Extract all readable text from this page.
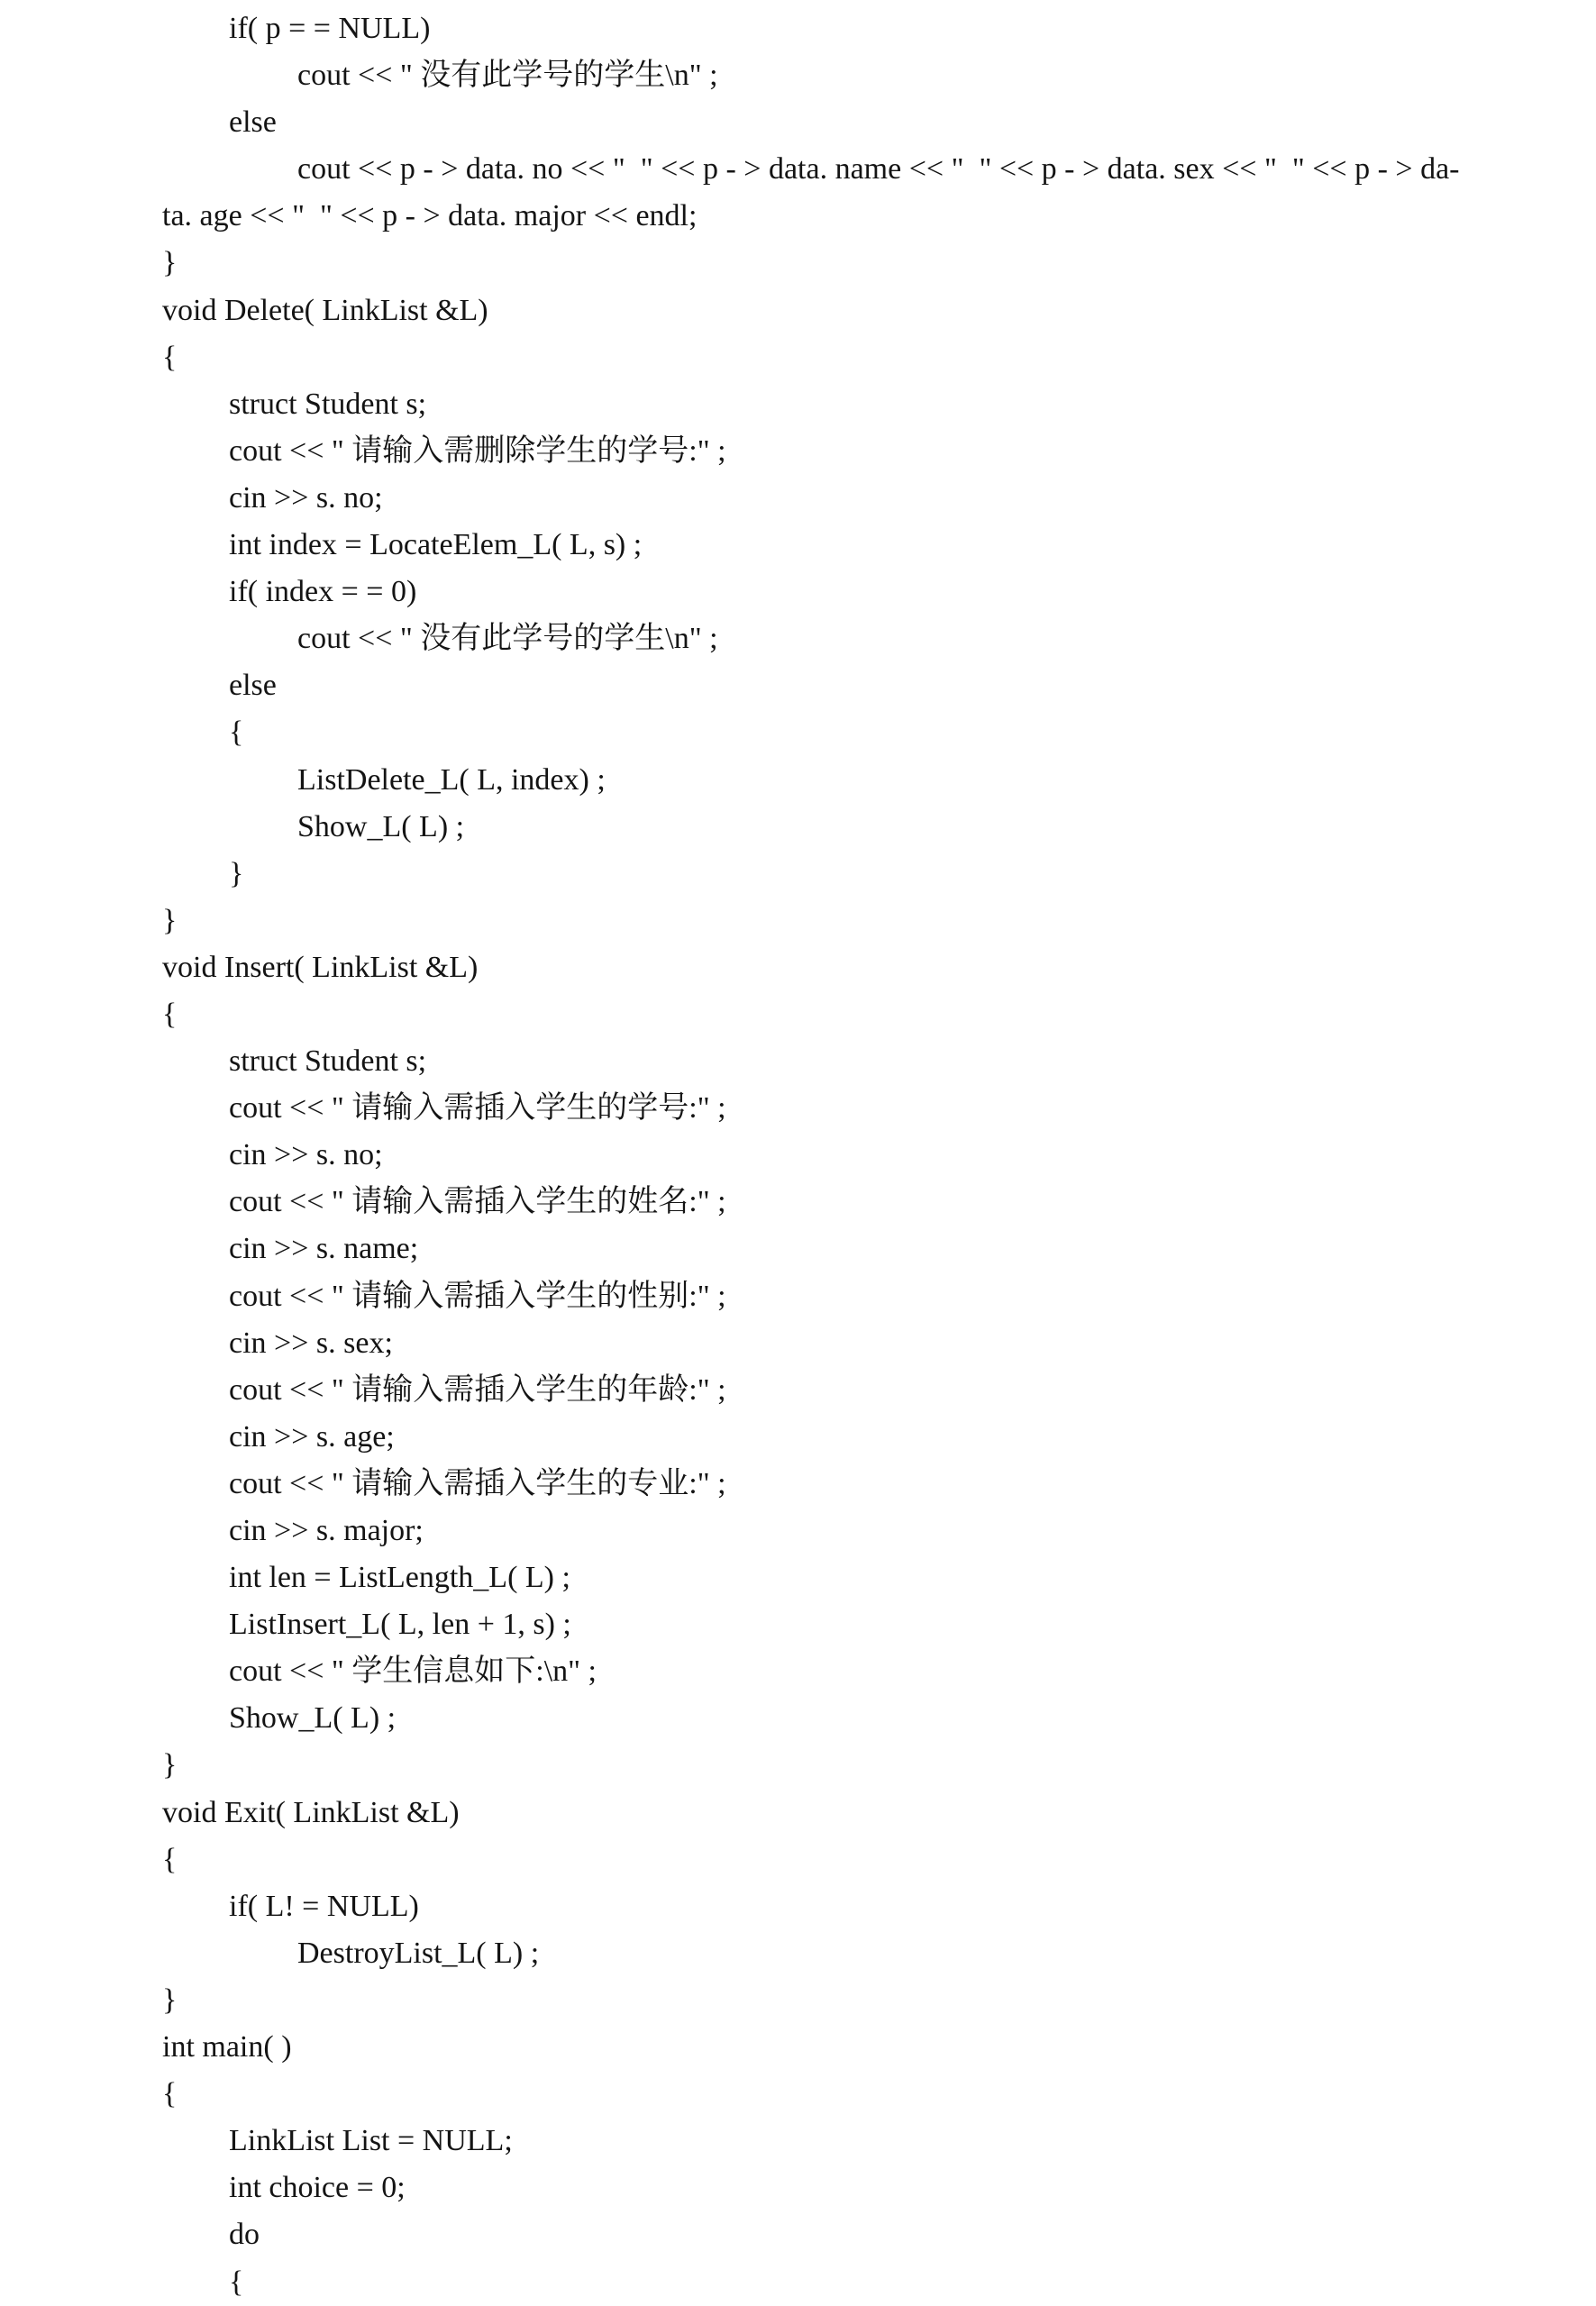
if( p = = NULL)
cout << " 没有此学号的学生\n" ;
else
cout << p - > data. no << "  " << p - > data. name << "  " << p - > data. sex << "  " << p - > da-
ta. age << "  " << p - > data. major << endl;
}
void Delete( LinkList &L)
{
struct Student s;
cout << " 请输入需删除学生的学号:" ;
cin >> s. no;
int index = LocateElem_L( L, s) ;
if( index = = 0)
cout << " 没有此学号的学生\n" ;
else
{
ListDelete_L( L, index) ;
Show_L( L) ;
}
}
void Insert( LinkList &L)
{
struct Student s;
cout << " 请输入需插入学生的学号:" ;
cin >> s. no;
cout << " 请输入需插入学生的姓名:" ;
cin >> s. name;
cout << " 请输入需插入学生的性别:" ;
cin >> s. sex;
cout << " 请输入需插入学生的年龄:" ;
cin >> s. age;
cout << " 请输入需插入学生的专业:" ;
cin >> s. major;
int len = ListLength_L( L) ;
ListInsert_L( L, len + 1, s) ;
cout << " 学生信息如下:\n" ;
Show_L( L) ;
}
void Exit( LinkList &L)
{
if( L! = NULL)
DestroyList_L( L) ;
}
int main( )
{
LinkList List = NULL;
int choice = 0;
do
{
